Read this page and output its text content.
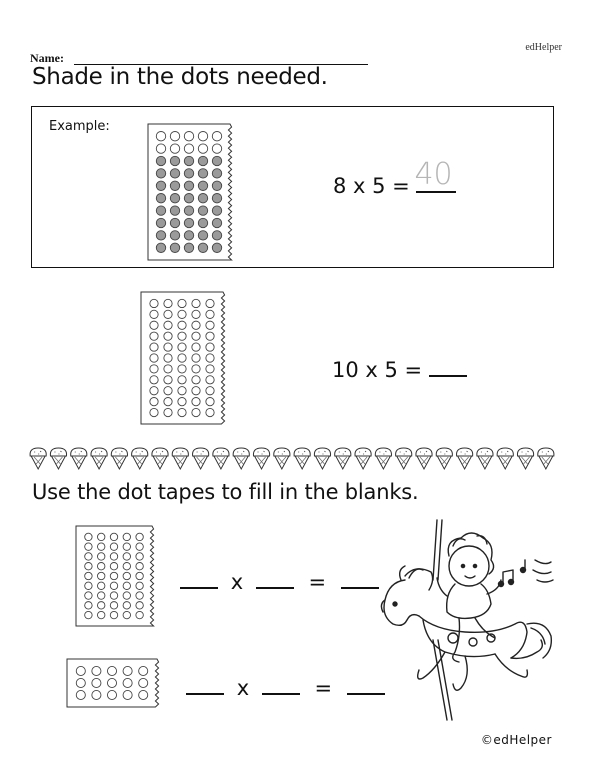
edHelper
Name:
Shade in the dots needed.
Example:
8 x 5 = 40
10 x 5 =
Use the dot tapes to fill in the blanks.
x	=
x	=
©edHelper
